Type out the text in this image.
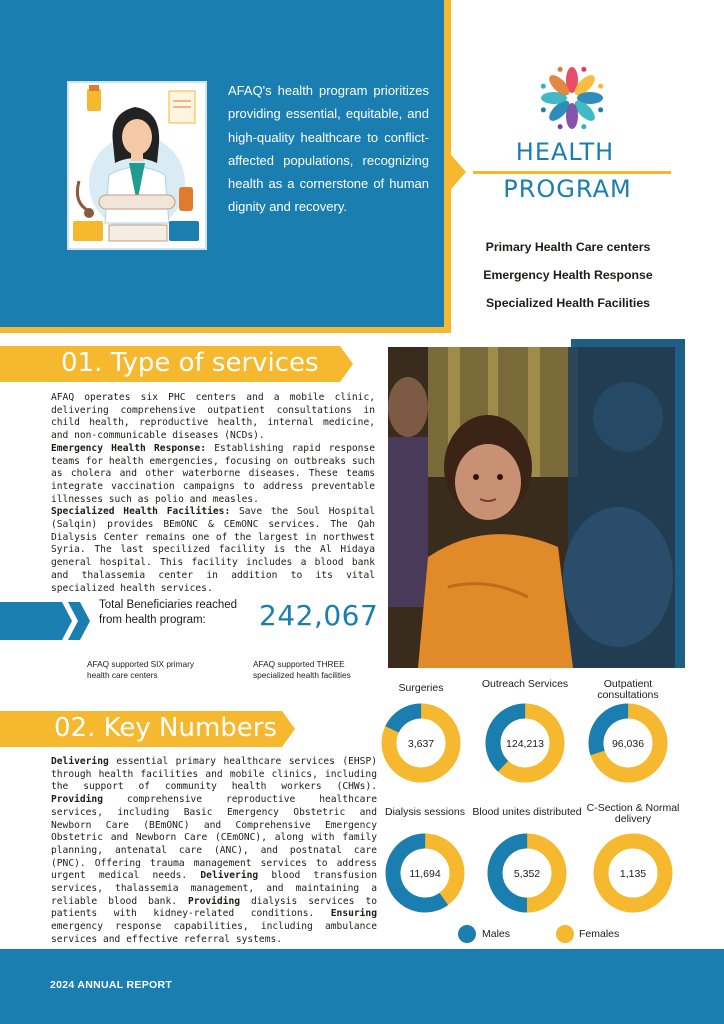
AFAQ's health program prioritizes providing essential, equitable, and high-quality healthcare to conflict-affected populations, recognizing health as a cornerstone of human dignity and recovery.
HEALTH
PROGRAM
Primary Health Care centers
Emergency Health Response
Specialized Health Facilities
01. Type of services

AFAQ operates six PHC centers and a mobile clinic, delivering comprehensive outpatient consultations in child health, reproductive health, internal medicine, and non-communicable diseases (NCDs).

Emergency Health Response: Establishing rapid response teams for health emergencies, focusing on outbreaks such as cholera and other waterborne diseases. These teams integrate vaccination campaigns to address preventable illnesses such as polio and measles.

Specialized Health Facilities: Save the Soul Hospital (Salqin) provides BEmONC & CEmONC services. The Qah Dialysis Center remains one of the largest in northwest Syria. The last specilized facility is the Al Hidaya general hospital. This facility includes a blood bank and thalassemia center in addition to its vital specialized health services.

Total Beneficiaries reached from health program:	242,067
1
AFAQ supported SIX primary health care centers	2
AFAQ supported THREE specialized health facilities
02. Key Numbers
Delivering essential primary healthcare services (EHSP) through health facilities and mobile clinics, including the support of community health workers (CHWs). Providing comprehensive reproductive healthcare services, including Basic Emergency Obstetric and Newborn Care (BEmONC) and Comprehensive Emergency Obstetric and Newborn Care (CEmONC), along with family planning, antenatal care (ANC), and postnatal care (PNC). Offering trauma management services to address urgent medical needs. Delivering blood transfusion services, thalassemia management, and maintaining a reliable blood bank. Providing dialysis services to patients with kidney-related conditions. Ensuring emergency response capabilities, including ambulance services and effective referral systems.
Surgeries
3,637
Outreach Services
124,213
Outpatient consultations
96,036
Dialysis sessions
11,694
Blood unites distributed
5,352
C-Section & Normal delivery
1,135
Males	Females
2024 ANNUAL REPORT
